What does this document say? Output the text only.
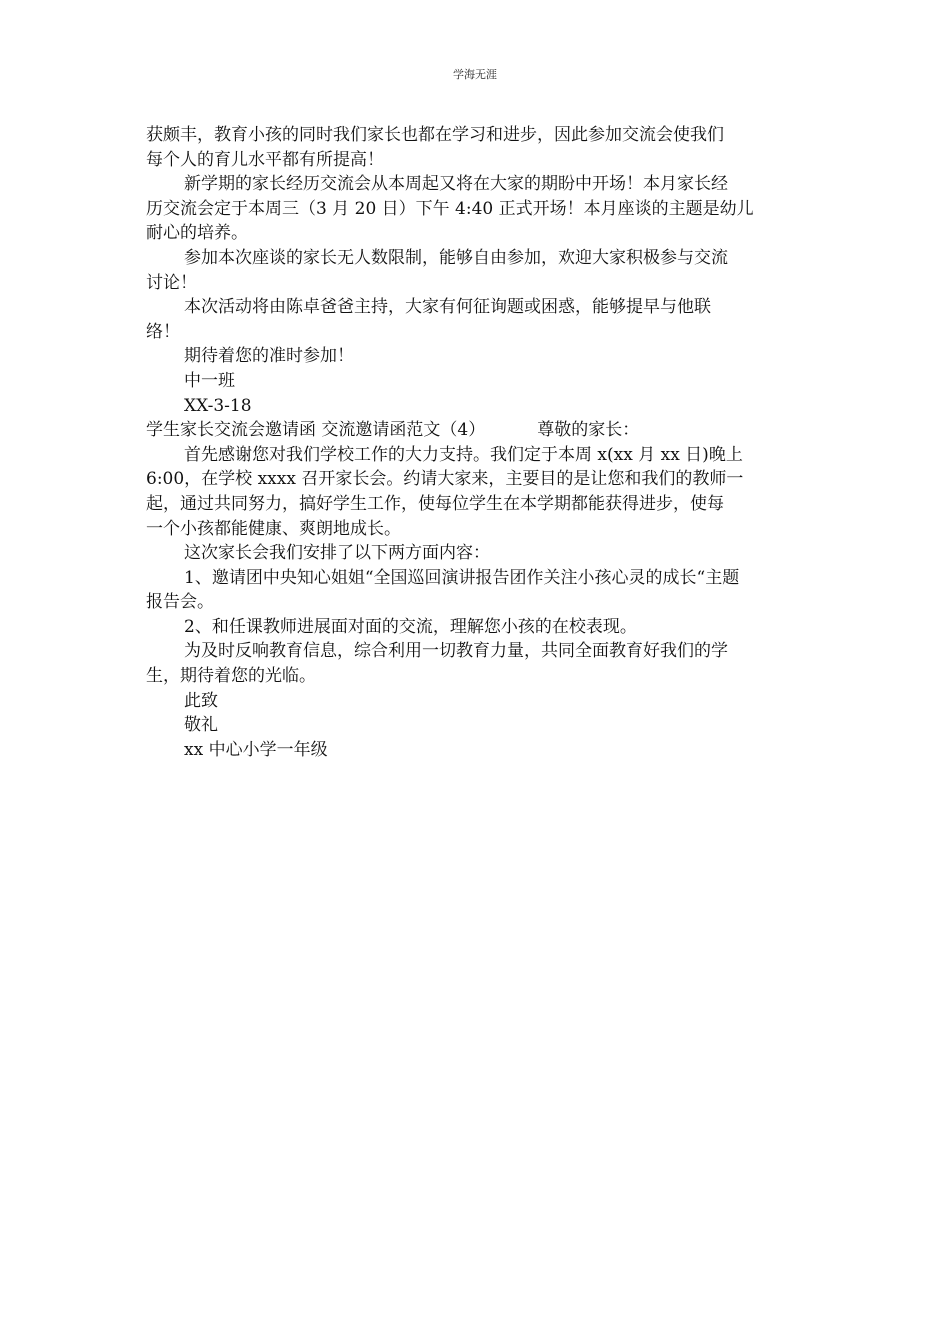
学海无涯
获颇丰，教育小孩的同时我们家长也都在学习和进步，因此参加交流会使我们
每个人的育儿水平都有所提高！
新学期的家长经历交流会从本周起又将在大家的期盼中开场！本月家长经
历交流会定于本周三（3 月 20 日）下午 4:40 正式开场！本月座谈的主题是幼儿
耐心的培养。
参加本次座谈的家长无人数限制，能够自由参加，欢迎大家积极参与交流
讨论！
本次活动将由陈卓爸爸主持，大家有何征询题或困惑，能够提早与他联
络！
期待着您的准时参加！
中一班
XX-3-18
学生家长交流会邀请函 交流邀请函范文（4）	尊敬的家长：
首先感谢您对我们学校工作的大力支持。我们定于本周 x(xx 月 xx 日)晚上
6:00，在学校 xxxx 召开家长会。约请大家来，主要目的是让您和我们的教师一
起，通过共同努力，搞好学生工作，使每位学生在本学期都能获得进步，使每
一个小孩都能健康、爽朗地成长。
这次家长会我们安排了以下两方面内容：
1、邀请团中央知心姐姐“全国巡回演讲报告团作关注小孩心灵的成长“主题
报告会。
2、和任课教师进展面对面的交流，理解您小孩的在校表现。
为及时反响教育信息，综合利用一切教育力量，共同全面教育好我们的学
生，期待着您的光临。
此致
敬礼
xx 中心小学一年级
